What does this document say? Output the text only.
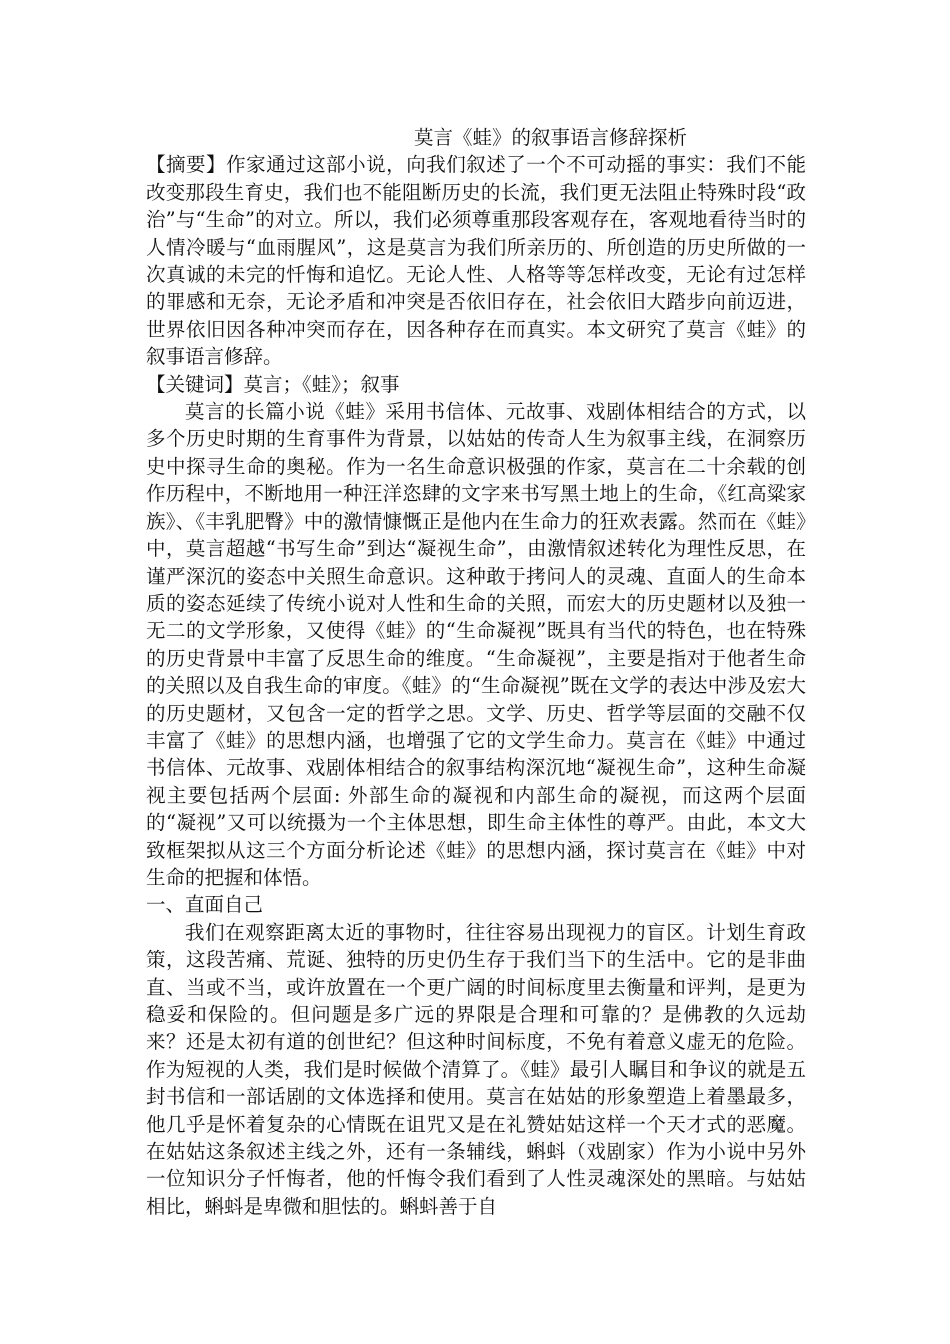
莫言《蛙》的叙事语言修辞探析

【摘要】作家通过这部小说，向我们叙述了一个不可动摇的事实：我们不能改变那段生育史，我们也不能阻断历史的长流，我们更无法阻止特殊时段“政治”与“生命”的对立。所以，我们必须尊重那段客观存在，客观地看待当时的人情冷暖与“血雨腥风”，这是莫言为我们所亲历的、所创造的历史所做的一次真诚的未完的忏悔和追忆。无论人性、人格等等怎样改变，无论有过怎样的罪感和无奈，无论矛盾和冲突是否依旧存在，社会依旧大踏步向前迈进，世界依旧因各种冲突而存在，因各种存在而真实。本文研究了莫言《蛙》的叙事语言修辞。

【关键词】莫言；《蛙》；叙事

莫言的长篇小说《蛙》采用书信体、元故事、戏剧体相结合的方式，以多个历史时期的生育事件为背景，以姑姑的传奇人生为叙事主线，在洞察历史中探寻生命的奥秘。作为一名生命意识极强的作家，莫言在二十余载的创作历程中，不断地用一种汪洋恣肆的文字来书写黑土地上的生命，《红高粱家族》、《丰乳肥臀》中的激情慷慨正是他内在生命力的狂欢表露。然而在《蛙》中，莫言超越“书写生命”到达“凝视生命”，由激情叙述转化为理性反思，在谨严深沉的姿态中关照生命意识。这种敢于拷问人的灵魂、直面人的生命本质的姿态延续了传统小说对人性和生命的关照，而宏大的历史题材以及独一无二的文学形象，又使得《蛙》的“生命凝视”既具有当代的特色，也在特殊的历史背景中丰富了反思生命的维度。“生命凝视”，主要是指对于他者生命的关照以及自我生命的审度。《蛙》的“生命凝视”既在文学的表达中涉及宏大的历史题材，又包含一定的哲学之思。文学、历史、哲学等层面的交融不仅丰富了《蛙》的思想内涵，也增强了它的文学生命力。莫言在《蛙》中通过书信体、元故事、戏剧体相结合的叙事结构深沉地“凝视生命”，这种生命凝视主要包括两个层面: 外部生命的凝视和内部生命的凝视，而这两个层面的“凝视”又可以统摄为一个主体思想，即生命主体性的尊严。由此，本文大致框架拟从这三个方面分析论述《蛙》的思想内涵，探讨莫言在《蛙》中对生命的把握和体悟。

一、直面自己

我们在观察距离太近的事物时，往往容易出现视力的盲区。计划生育政策，这段苦痛、荒诞、独特的历史仍生存于我们当下的生活中。它的是非曲直、当或不当，或许放置在一个更广阔的时间标度里去衡量和评判，是更为稳妥和保险的。但问题是多广远的界限是合理和可靠的？是佛教的久远劫来？还是太初有道的创世纪？但这种时间标度，不免有着意义虚无的危险。作为短视的人类，我们是时候做个清算了。《蛙》最引人瞩目和争议的就是五封书信和一部话剧的文体选择和使用。莫言在姑姑的形象塑造上着墨最多，他几乎是怀着复杂的心情既在诅咒又是在礼赞姑姑这样一个天才式的恶魔。在姑姑这条叙述主线之外，还有一条辅线，蝌蚪（戏剧家）作为小说中另外一位知识分子忏悔者，他的忏悔令我们看到了人性灵魂深处的黑暗。与姑姑相比，蝌蚪是卑微和胆怯的。蝌蚪善于自
